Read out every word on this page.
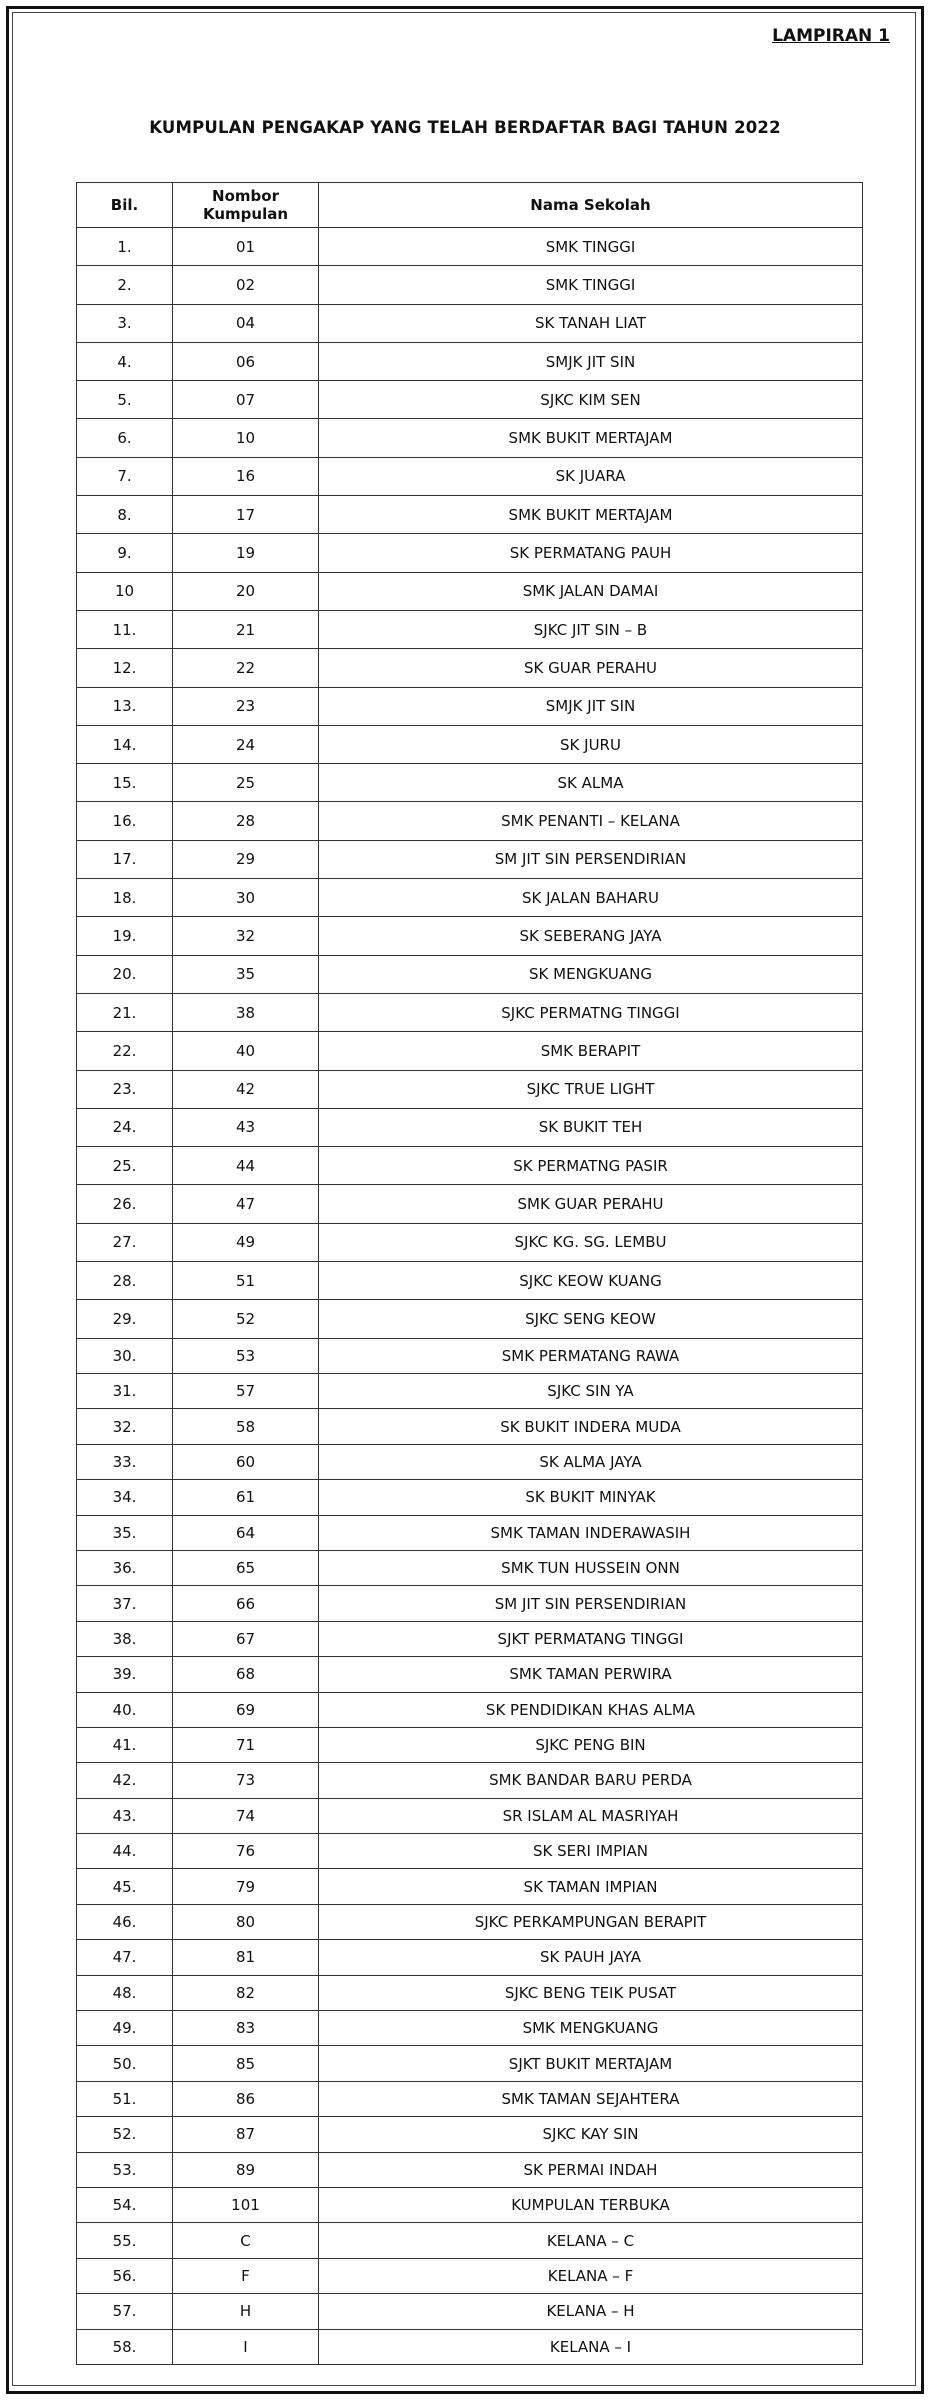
LAMPIRAN 1
KUMPULAN PENGAKAP YANG TELAH BERDAFTAR BAGI TAHUN 2022
Bil.	Nombor Kumpulan	Nama Sekolah
1.	01	SMK TINGGI
2.	02	SMK TINGGI
3.	04	SK TANAH LIAT
4.	06	SMJK JIT SIN
5.	07	SJKC KIM SEN
6.	10	SMK BUKIT MERTAJAM
7.	16	SK JUARA
8.	17	SMK BUKIT MERTAJAM
9.	19	SK PERMATANG PAUH
10	20	SMK JALAN DAMAI
11.	21	SJKC JIT SIN – B
12.	22	SK GUAR PERAHU
13.	23	SMJK JIT SIN
14.	24	SK JURU
15.	25	SK ALMA
16.	28	SMK PENANTI – KELANA
17.	29	SM JIT SIN PERSENDIRIAN
18.	30	SK JALAN BAHARU
19.	32	SK SEBERANG JAYA
20.	35	SK MENGKUANG
21.	38	SJKC PERMATNG TINGGI
22.	40	SMK BERAPIT
23.	42	SJKC TRUE LIGHT
24.	43	SK BUKIT TEH
25.	44	SK PERMATNG PASIR
26.	47	SMK GUAR PERAHU
27.	49	SJKC KG. SG. LEMBU
28.	51	SJKC KEOW KUANG
29.	52	SJKC SENG KEOW
30.	53	SMK PERMATANG RAWA
31.	57	SJKC SIN YA
32.	58	SK BUKIT INDERA MUDA
33.	60	SK ALMA JAYA
34.	61	SK BUKIT MINYAK
35.	64	SMK TAMAN INDERAWASIH
36.	65	SMK TUN HUSSEIN ONN
37.	66	SM JIT SIN PERSENDIRIAN
38.	67	SJKT PERMATANG TINGGI
39.	68	SMK TAMAN PERWIRA
40.	69	SK PENDIDIKAN KHAS ALMA
41.	71	SJKC PENG BIN
42.	73	SMK BANDAR BARU PERDA
43.	74	SR ISLAM AL MASRIYAH
44.	76	SK SERI IMPIAN
45.	79	SK TAMAN IMPIAN
46.	80	SJKC PERKAMPUNGAN BERAPIT
47.	81	SK PAUH JAYA
48.	82	SJKC BENG TEIK PUSAT
49.	83	SMK MENGKUANG
50.	85	SJKT BUKIT MERTAJAM
51.	86	SMK TAMAN SEJAHTERA
52.	87	SJKC KAY SIN
53.	89	SK PERMAI INDAH
54.	101	KUMPULAN TERBUKA
55.	C	KELANA – C
56.	F	KELANA – F
57.	H	KELANA – H
58.	I	KELANA – I
